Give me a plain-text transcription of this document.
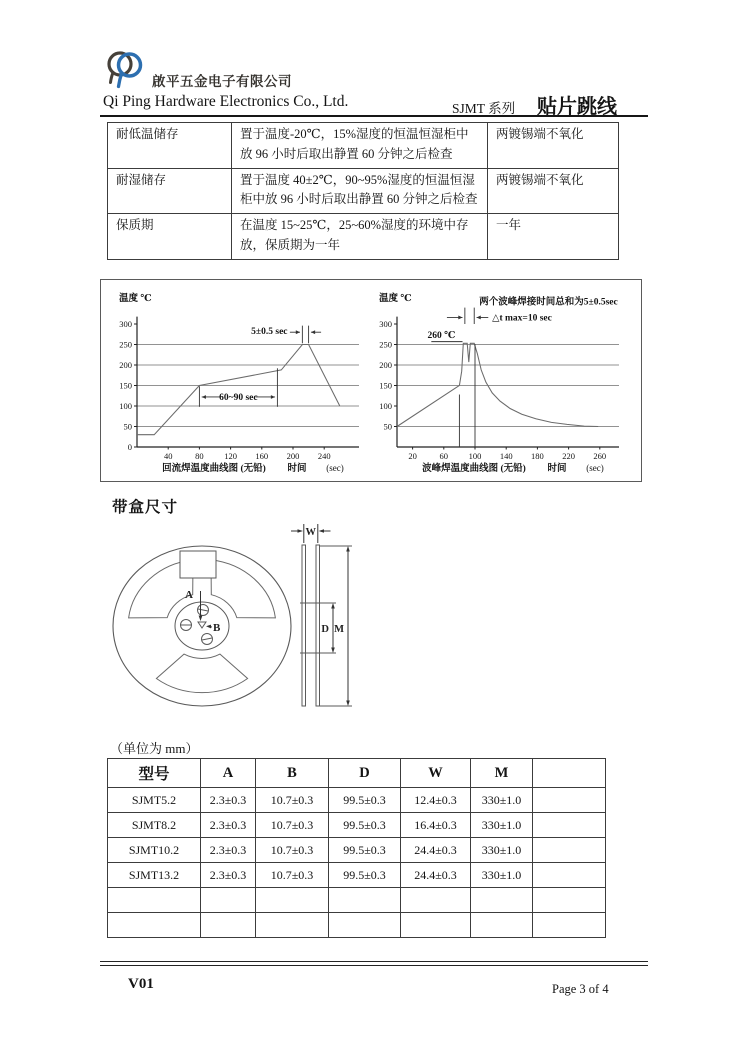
啟平五金电子有限公司
Qi Ping Hardware Electronics Co., Ltd.	SJMT 系列 贴片跳线
耐低温储存	置于温度-20℃，15%湿度的恒温恒湿柜中放 96 小时后取出静置 60 分钟之后检查	两镀锡端不氧化
耐湿储存	置于温度 40±2℃，90~95%湿度的恒温恒湿柜中放 96 小时后取出静置 60 分钟之后检查	两镀锡端不氧化
保质期	在温度 15~25℃，25~60%湿度的环境中存放，保质期为一年	一年
0
50
100
150
200
250
300
40	80 120 160 200 240
5±0.5 sec
60~90 sec
温度 ℃
回流焊温度曲线图 (无铅) 时间 (sec)
50
100
150
200
250
300
20	60 100 140 180 220 260
两个波峰焊接时间总和为5±0.5sec
△t max=10 sec
260 ℃
温度 ℃
波峰焊温度曲线图 (无铅) 时间 (sec)
带盒尺寸
A
B
W
D M
（单位为 mm）
型号	A	B	D	W	M	
SJMT5.2	2.3±0.3	10.7±0.3	99.5±0.3	12.4±0.3	330±1.0	
SJMT8.2	2.3±0.3	10.7±0.3	99.5±0.3	16.4±0.3	330±1.0	
SJMT10.2	2.3±0.3	10.7±0.3	99.5±0.3	24.4±0.3	330±1.0	
SJMT13.2	2.3±0.3	10.7±0.3	99.5±0.3	24.4±0.3	330±1.0	

V01	Page 3 of 4
